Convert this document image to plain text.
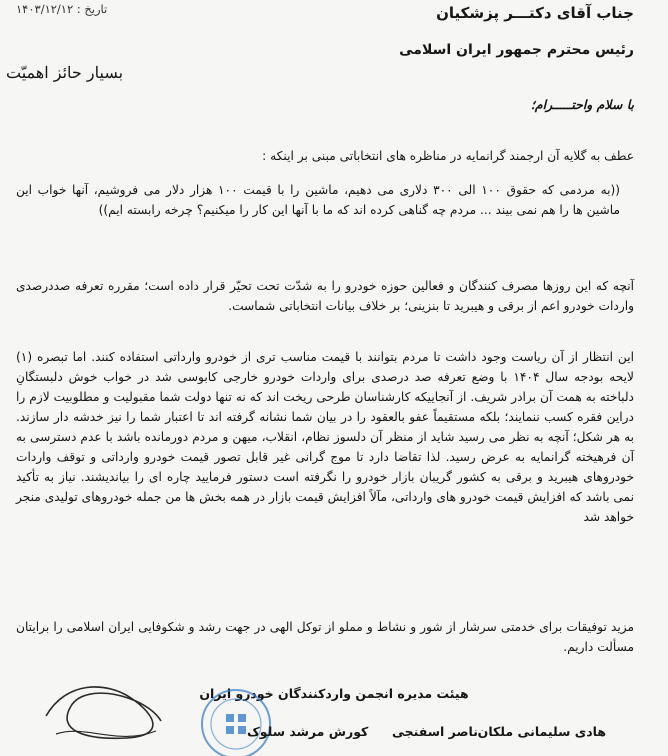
تاریخ : ۱۴۰۳/۱۲/۱۲	جناب آقای دکتـــر پزشکیان
رئیس محترم جمهور ایران اسلامی
بسیار حائز اهمیّت
با سلام واحتـــــرام؛

عطف به گلایه آن ارجمند گرانمایه در مناظره های انتخاباتی مبنی بر اینکه :

((به مردمی که حقوق ۱۰۰ الی ۳۰۰ دلاری می دهیم، ماشین را با قیمت ۱۰۰ هزار دلار می فروشیم، آنها خواب این ماشین ها را هم نمی بیند ... مردم چه گناهی کرده اند که ما با آنها این کار را میکنیم؟ چرخه رابسته ایم))

آنچه که این روزها مصرف کنندگان و فعالین حوزه خودرو را به شدّت تحت تحیّر قرار داده است؛ مقرره تعرفه صددرصدی واردات خودرو اعم از برقی و هیبرید تا بنزینی؛ بر خلاف بیانات انتخاباتی شماست.

این انتظار از آن ریاست وجود داشت تا مردم بتوانند با قیمت مناسب تری از خودرو وارداتی استفاده کنند. اما تبصره (۱) لایحه بودجه سال ۱۴۰۴ با وضع تعرفه صد درصدی برای واردات خودرو خارجی کابوسی شد در خواب خوش دلبستگانِ دلباخته به همت آن برادر شریف. از آنجاییکه کارشناسان طرحی ریخت اند که نه تنها دولت شما مقبولیت و مطلوبیت لازم را دراین فقره کسب ننمایند؛ بلکه مستقیماً عفو بالعقود را در بیان شما نشانه گرفته اند تا اعتبار شما را نیز خدشه دار سازند. به هر شکل؛ آنچه به نظر می رسید شاید از منظر آن دلسوز نظام، انقلاب، میهن و مردم دورمانده باشد با عدم دسترسی به آن فرهیخته گرانمایه به عرض رسید. لذا تقاضا دارد تا موج گرانی غیر قابل تصور قیمت خودرو وارداتی و توقف واردات خودروهای هیبرید و برقی به کشور گریبان بازار خودرو را نگرفته است دستور فرمایید چاره ای را بیاندیشند. نیاز به تأکید نمی باشد که افزایش قیمت خودرو های وارداتی، مآلاً افزایش قیمت بازار در همه بخش ها من جمله خودروهای تولیدی منجر خواهد شد

مزید توفیقات برای خدمتی سرشار از شور و نشاط و مملو از توکل الهی در جهت رشد و شکوفایی ایران اسلامی را برایتان مسألت داریم.

هیئت مدیره انجمن واردکنندگان خودرو ایران
هادی سلیمانی ملکان
ناصر اسفنجی
کورش مرشد سلوک
